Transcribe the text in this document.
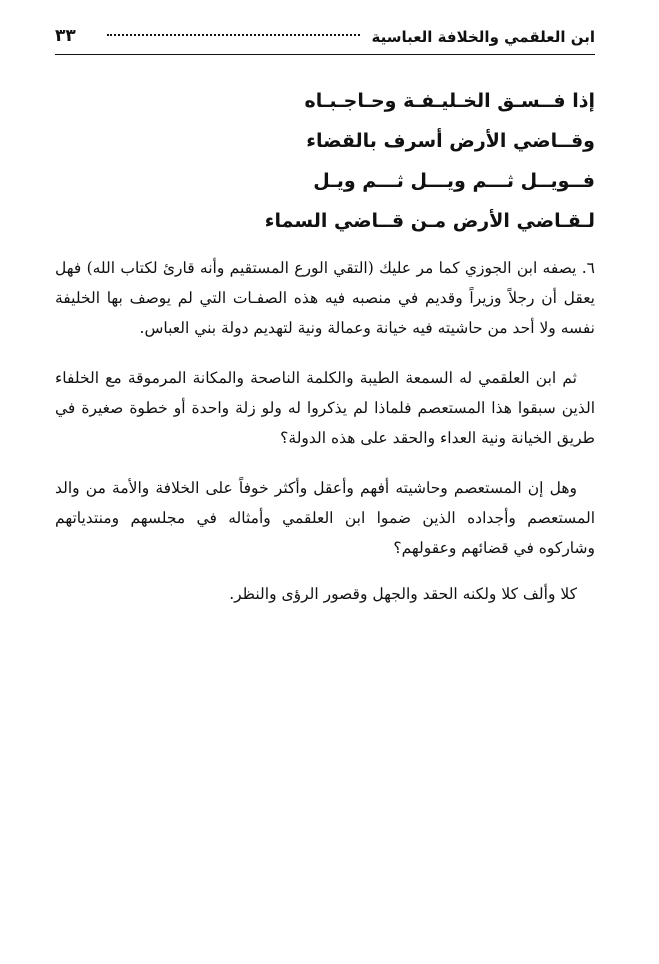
ابن العلقمي والخلافة العباسية
٣٣
إذا فــسـق الخـليـفـة وحـاجـبـاه
وقــاضي الأرض أسرف بالقضاء
فــويــل ثـــم ويـــل ثـــم ويـل
لـقـاضي الأرض مـن قــاضي السماء

٦. يصفه ابن الجوزي كما مر عليك (التقي الورع المستقيم وأنه قارئ لكتاب الله) فهل يعقل أن رجلاً وزيراً وقديم في منصبه فيه هذه الصفـات التي لم يوصف بها الخليفة نفسه ولا أحد من حاشيته فيه خيانة وعمالة ونية لتهديم دولة بني العباس.

ثم ابن العلقمي له السمعة الطيبة والكلمة الناصحة والمكانة المرموقة مع الخلفاء الذين سبقوا هذا المستعصم فلماذا لم يذكروا له ولو زلة واحدة أو خطوة صغيرة في طريق الخيانة ونية العداء والحقد على هذه الدولة؟

وهل إن المستعصم وحاشيته أفهم وأعقل وأكثر خوفاً على الخلافة والأمة من والد المستعصم وأجداده الذين ضموا ابن العلقمي وأمثاله في مجلسهم ومنتدياتهم وشاركوه في قضائهم وعقولهم؟

كلا وألف كلا ولكنه الحقد والجهل وقصور الرؤى والنظر.
